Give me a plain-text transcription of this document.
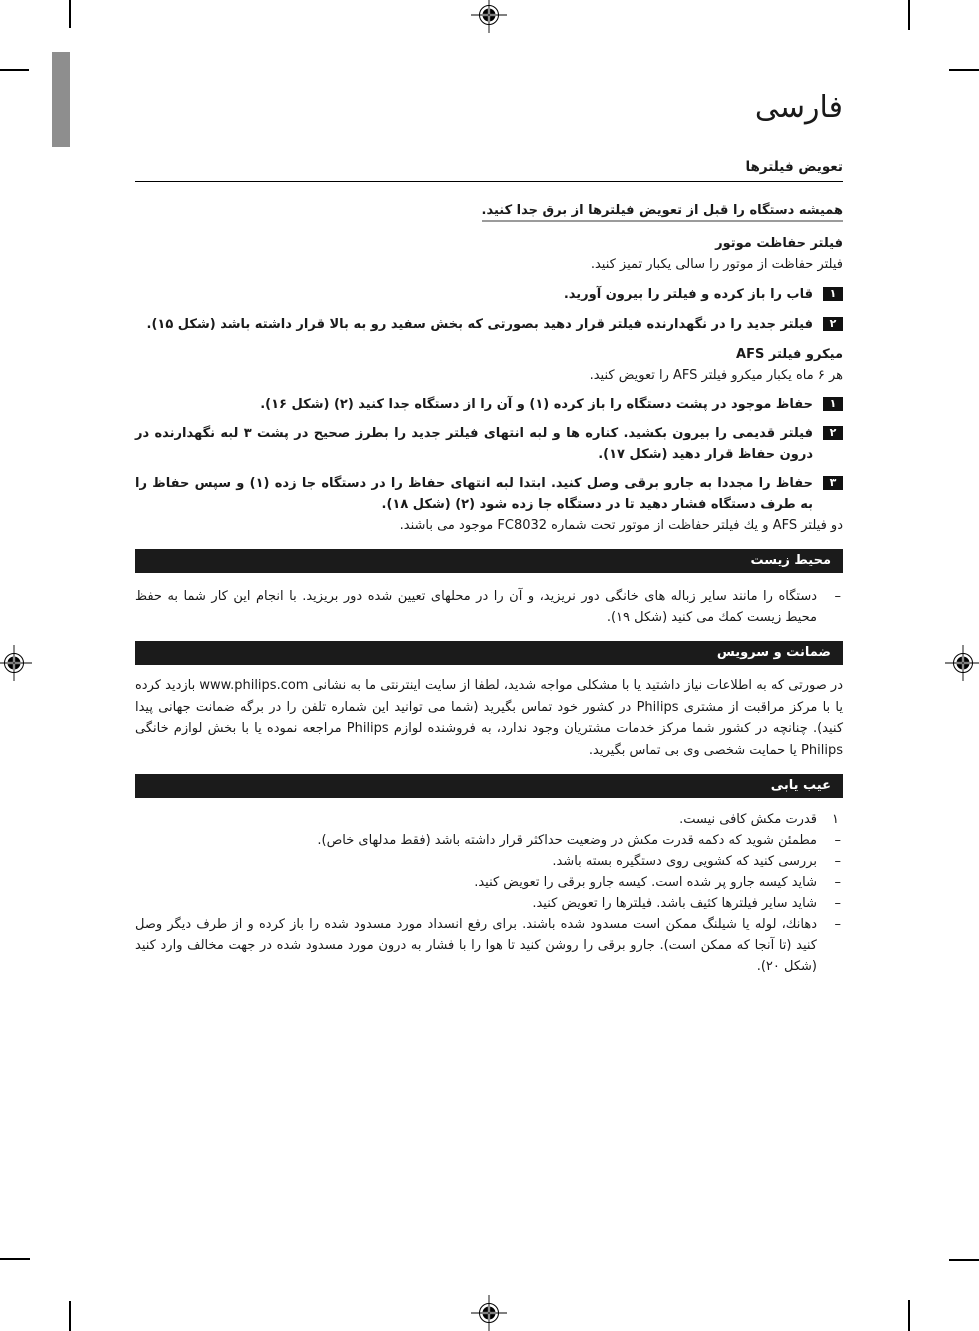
فارسی
تعویض فیلترها

همیشه دستگاه را قبل از تعویض فیلترها از برق جدا کنید.

فیلتر حفاظت موتور

فیلتر حفاظت از موتور را سالی یکبار تمیز کنید.

۱
قاب را باز کرده و فیلتر را بیرون آورید.
۲
فیلتر جدید را در نگهدارنده فیلتر قرار دهید بصورتی که بخش سفید رو به بالا قرار داشته باشد (شکل ۱۵).
میکرو فیلتر AFS

هر ۶ ماه یکبار میکرو فیلتر AFS را تعویض کنید.

۱
حفاظ موجود در پشت دستگاه را باز کرده (۱) و آن را از دستگاه جدا کنید (۲) (شکل ۱۶).
۲
فیلتر قدیمی را بیرون بکشید. کناره ها و لبه انتهای فیلتر جدید را بطرز صحیح در پشت ۳ لبه نگهدارنده در درون حفاظ قرار دهید (شکل ۱۷).
۳
حفاظ را مجددا به جارو برقی وصل کنید. ابتدا لبه انتهای حفاظ را در دستگاه جا زده (۱) و سپس حفاظ را به طرف دستگاه فشار دهید تا در دستگاه جا زده شود (۲) (شکل ۱۸).

دو فیلتر AFS و یك فیلتر حفاظت از موتور تحت شماره FC8032 موجود می باشند.

محیط زیست
–
دستگاه را مانند سایر زباله های خانگی دور نریزید، و آن را در محلهای تعیین شده دور بریزید. با انجام این کار شما به حفظ محیط زیست كمك می كنید (شکل ۱۹).
ضمانت و سرویس

در صورتی که به اطلاعات نیاز داشتید یا با مشکلی مواجه شدید، لطفا از سایت اینترنتی ما به نشانی www.philips.com بازدید کرده یا با مرکز مراقبت از مشتری Philips در کشور خود تماس بگیرید (شما می توانید این شماره تلفن را در برگه ضمانت جهانی پیدا کنید). چنانچه در کشور شما مرکز خدمات مشتریان وجود ندارد، به فروشنده لوازم Philips مراجعه نموده یا با بخش لوازم خانگی Philips یا حمایت شخصی وی بی تماس بگیرید.

عیب یابی
۱
قدرت مکش کافی نیست.
–
مطمئن شوید که دکمه قدرت مکش در وضعیت حداکثر قرار داشته باشد (فقط مدلهای خاص).
–
بررسی کنید که کشویی روی دستگیره بسته باشد.
–
شاید کیسه جارو پر شده است. کیسه جارو برقی را تعویض کنید.
–
شاید سایر فیلترها کثیف باشد. فیلترها را تعویض کنید.
–
دهانك، لوله یا شیلنگ ممکن است مسدود شده باشند. برای رفع انسداد مورد مسدود شده را باز کرده و از طرف دیگر وصل کنید (تا آنجا که ممکن است). جارو برقی را روشن کنید تا هوا را با فشار به درون مورد مسدود شده در جهت مخالف وارد کنید (شکل ۲۰).
